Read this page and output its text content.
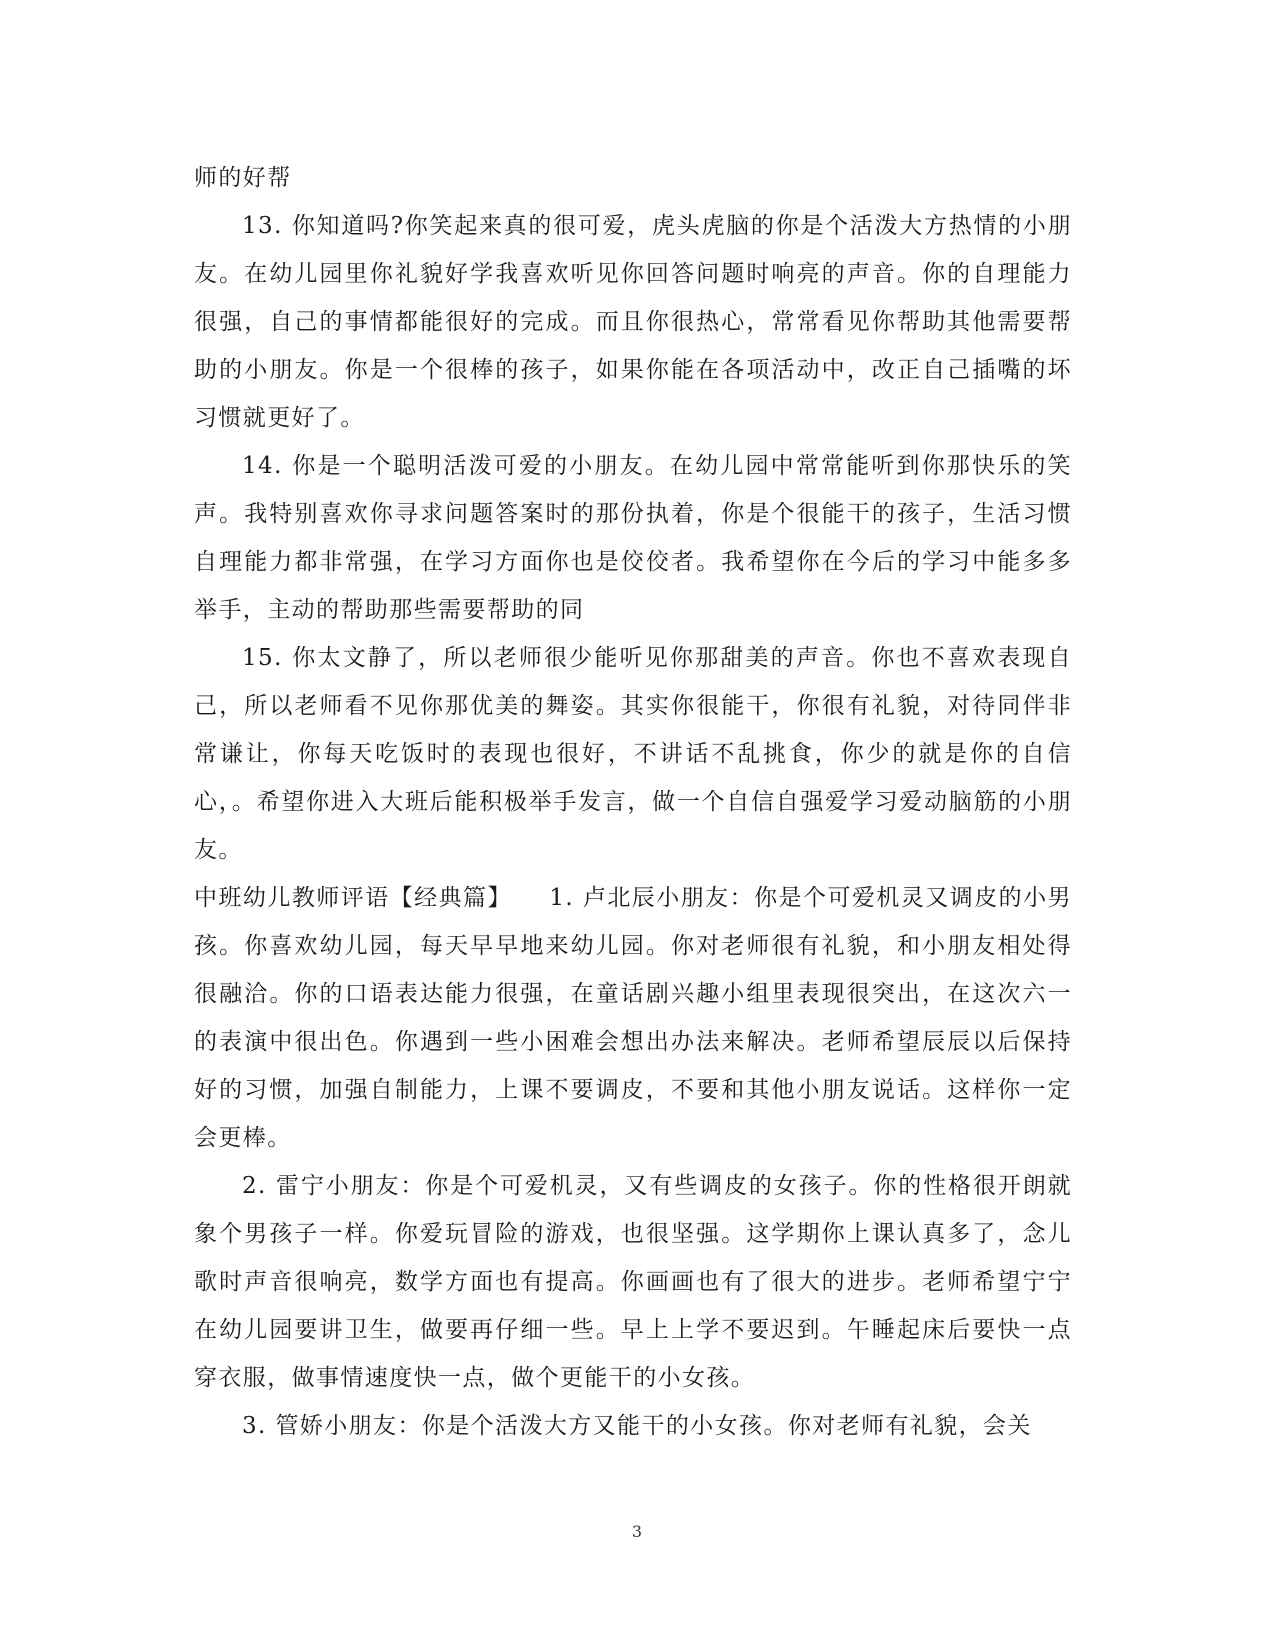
师的好帮

13. 你知道吗?你笑起来真的很可爱，虎头虎脑的你是个活泼大方热情的小朋友。在幼儿园里你礼貌好学我喜欢听见你回答问题时响亮的声音。你的自理能力很强，自己的事情都能很好的完成。而且你很热心，常常看见你帮助其他需要帮助的小朋友。你是一个很棒的孩子，如果你能在各项活动中，改正自己插嘴的坏习惯就更好了。

14. 你是一个聪明活泼可爱的小朋友。在幼儿园中常常能听到你那快乐的笑声。我特别喜欢你寻求问题答案时的那份执着，你是个很能干的孩子，生活习惯自理能力都非常强，在学习方面你也是佼佼者。我希望你在今后的学习中能多多举手，主动的帮助那些需要帮助的同

15. 你太文静了，所以老师很少能听见你那甜美的声音。你也不喜欢表现自己，所以老师看不见你那优美的舞姿。其实你很能干，你很有礼貌，对待同伴非常谦让，你每天吃饭时的表现也很好，不讲话不乱挑食，你少的就是你的自信心，。希望你进入大班后能积极举手发言，做一个自信自强爱学习爱动脑筋的小朋友。

中班幼儿教师评语【经典篇】　　1. 卢北辰小朋友：你是个可爱机灵又调皮的小男孩。你喜欢幼儿园，每天早早地来幼儿园。你对老师很有礼貌，和小朋友相处得很融洽。你的口语表达能力很强，在童话剧兴趣小组里表现很突出，在这次六一的表演中很出色。你遇到一些小困难会想出办法来解决。老师希望辰辰以后保持好的习惯，加强自制能力，上课不要调皮，不要和其他小朋友说话。这样你一定会更棒。

2. 雷宁小朋友：你是个可爱机灵，又有些调皮的女孩子。你的性格很开朗就象个男孩子一样。你爱玩冒险的游戏，也很坚强。这学期你上课认真多了，念儿歌时声音很响亮，数学方面也有提高。你画画也有了很大的进步。老师希望宁宁在幼儿园要讲卫生，做要再仔细一些。早上上学不要迟到。午睡起床后要快一点穿衣服，做事情速度快一点，做个更能干的小女孩。

3. 管娇小朋友：你是个活泼大方又能干的小女孩。你对老师有礼貌，会关

3
